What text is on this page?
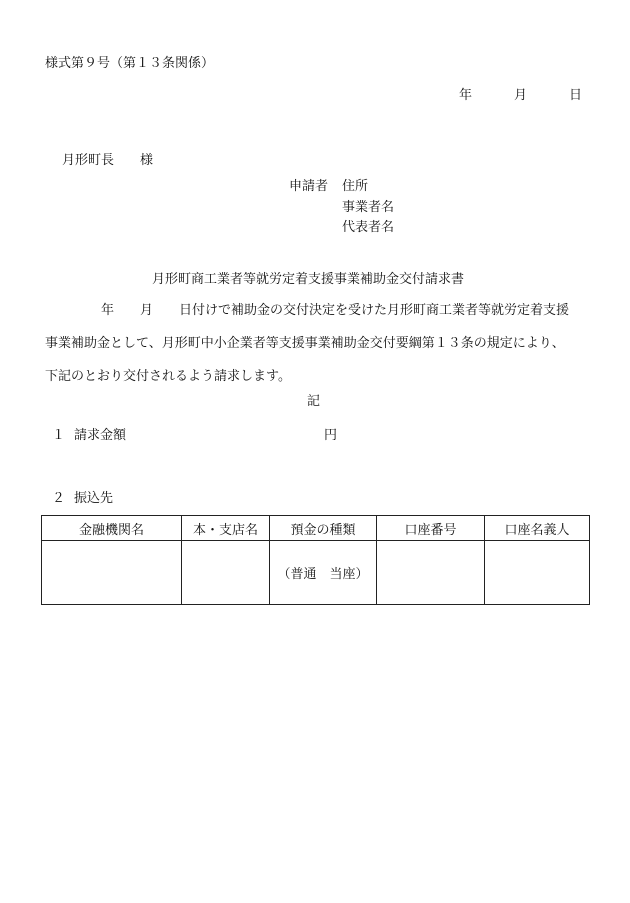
様式第９号（第１３条関係）
年	月	日
月形町長 様
申請者 住所
事業者名
代表者名
月形町商工業者等就労定着支援事業補助金交付請求書
年 月 日付けで補助金の交付決定を受けた月形町商工業者等就労定着支援
事業補助金として、月形町中小企業者等支援事業補助金交付要綱第１３条の規定により、
下記のとおり交付されるよう請求します。
記
１ 請求金額	円
２ 振込先
金融機関名	本・支店名	預金の種類	口座番号	口座名義人
		（普通　当座）		
